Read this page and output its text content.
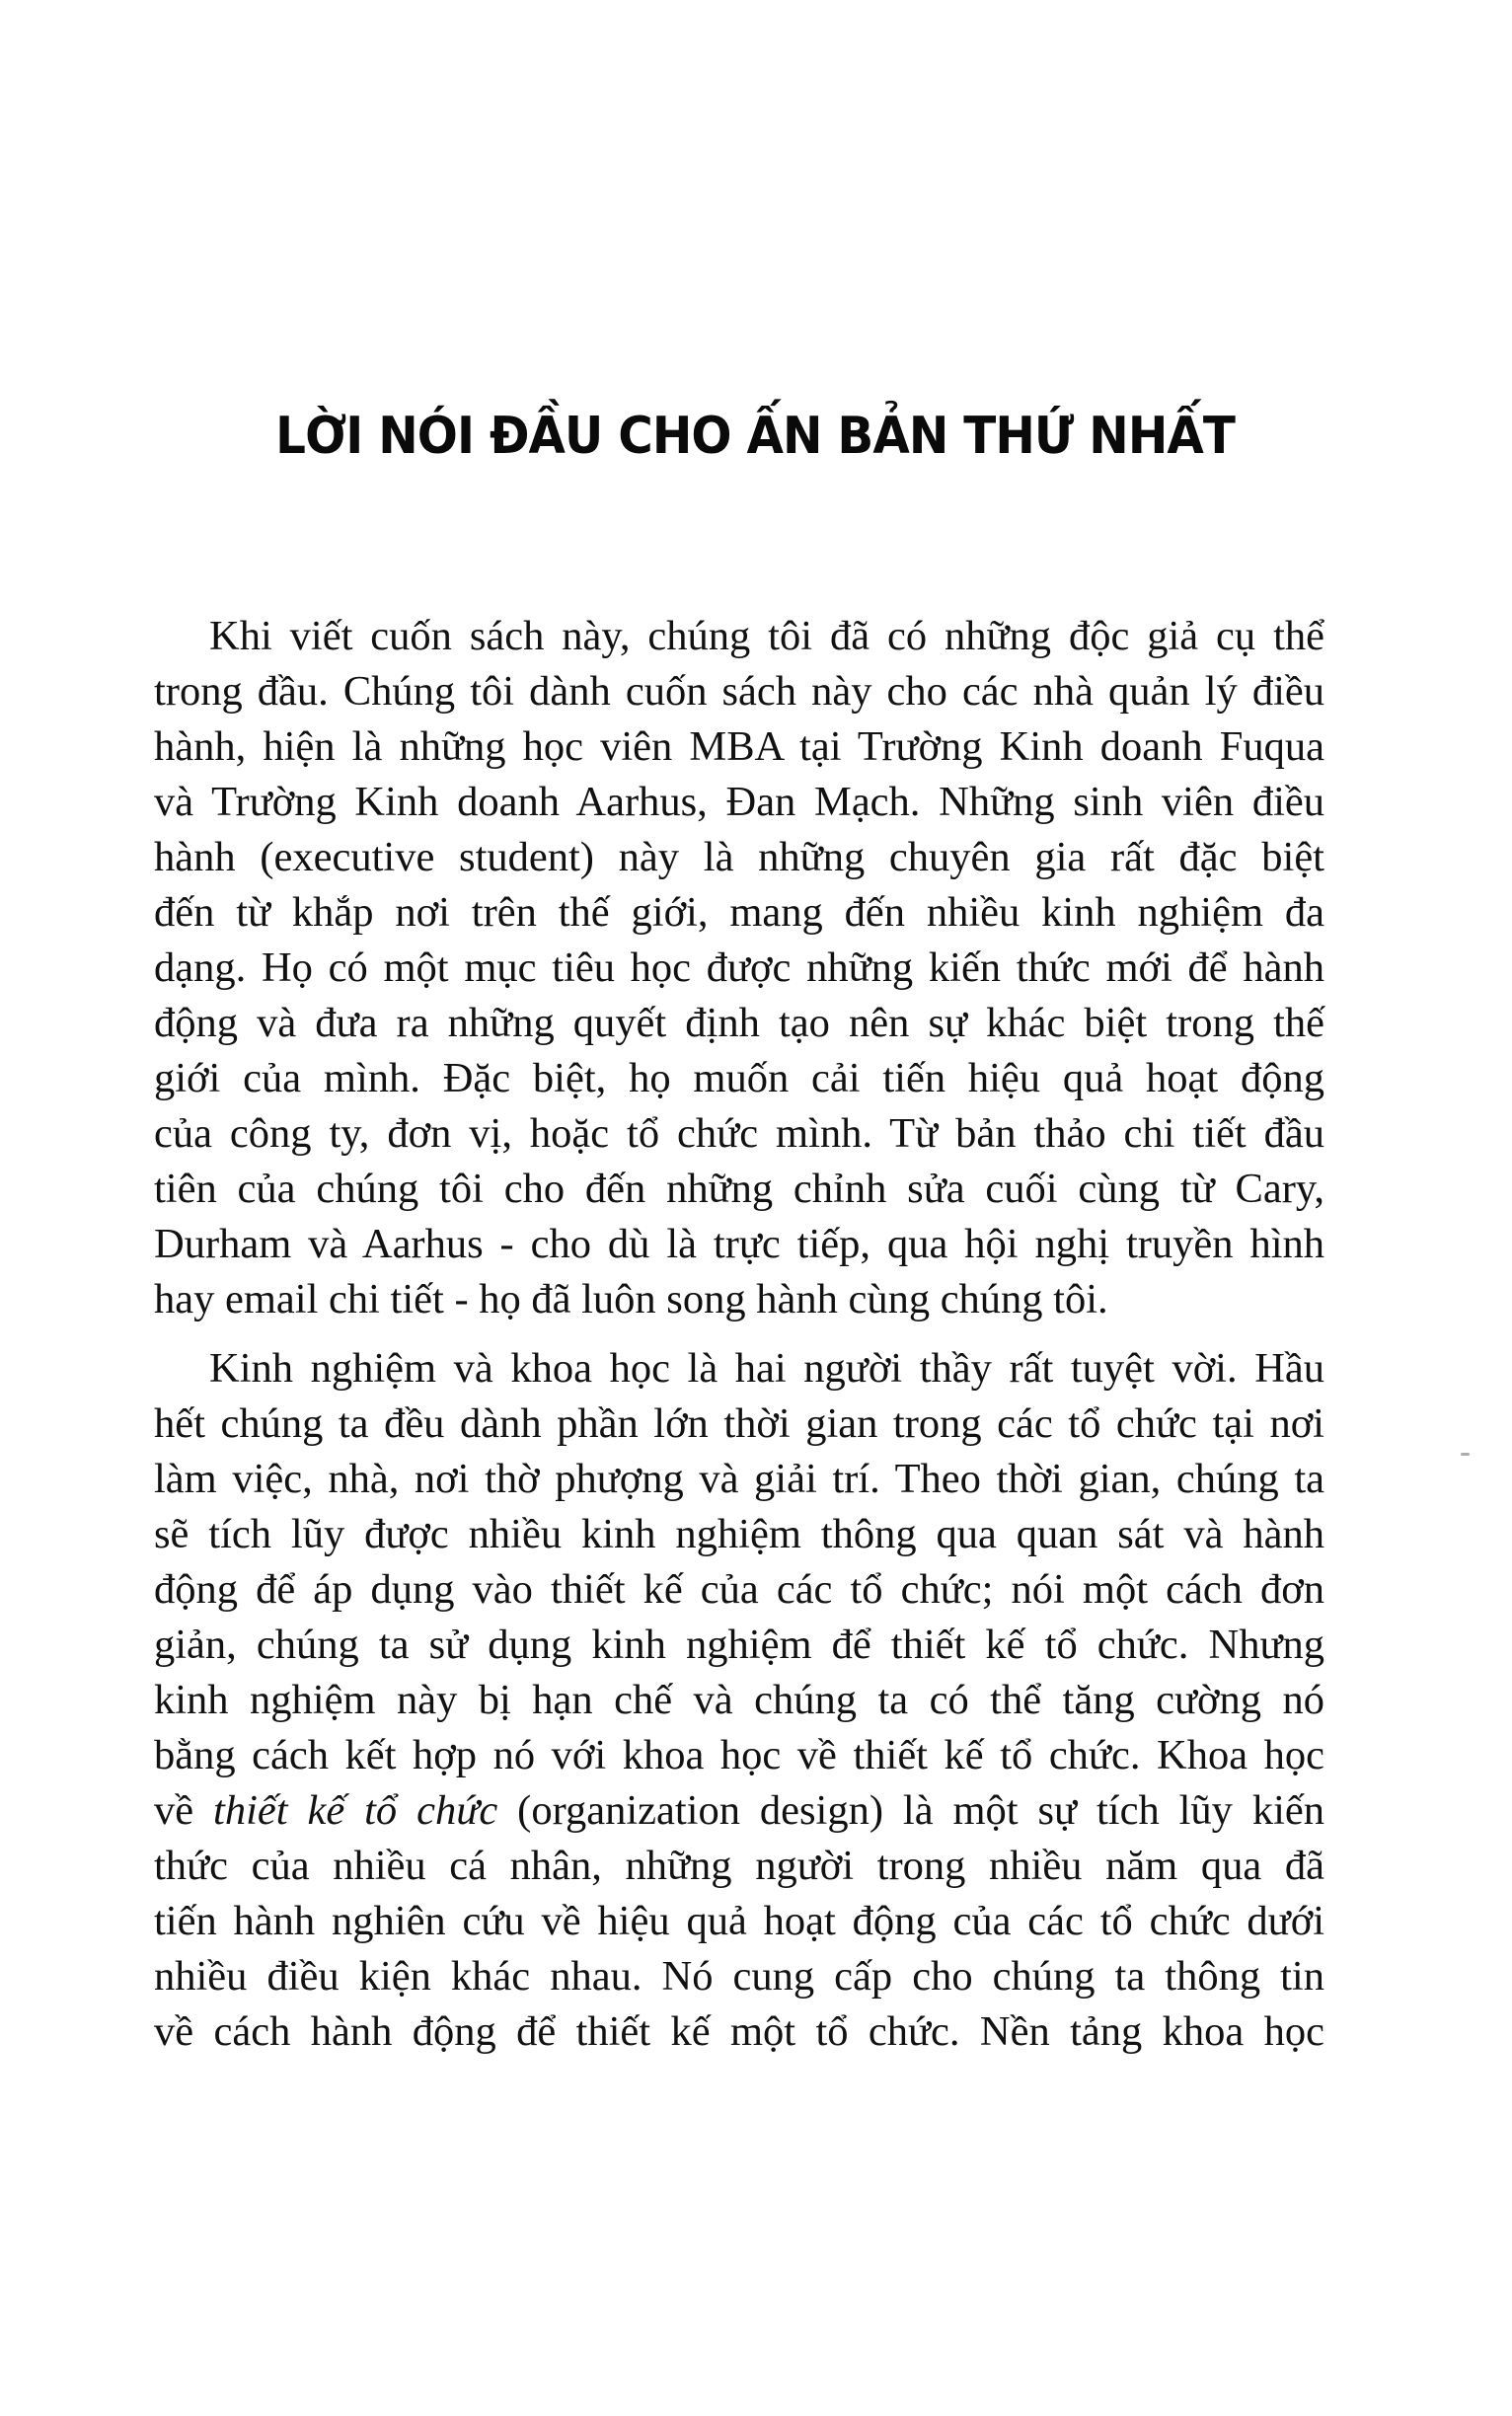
LỜI NÓI ĐẦU CHO ẤN BẢN THỨ NHẤT
Khi viết cuốn sách này, chúng tôi đã có những độc giả cụ thể
trong đầu. Chúng tôi dành cuốn sách này cho các nhà quản lý điều
hành, hiện là những học viên MBA tại Trường Kinh doanh Fuqua
và Trường Kinh doanh Aarhus, Đan Mạch. Những sinh viên điều
hành (executive student) này là những chuyên gia rất đặc biệt
đến từ khắp nơi trên thế giới, mang đến nhiều kinh nghiệm đa
dạng. Họ có một mục tiêu học được những kiến thức mới để hành
động và đưa ra những quyết định tạo nên sự khác biệt trong thế
giới của mình. Đặc biệt, họ muốn cải tiến hiệu quả hoạt động
của công ty, đơn vị, hoặc tổ chức mình. Từ bản thảo chi tiết đầu
tiên của chúng tôi cho đến những chỉnh sửa cuối cùng từ Cary,
Durham và Aarhus - cho dù là trực tiếp, qua hội nghị truyền hình
hay email chi tiết - họ đã luôn song hành cùng chúng tôi.
Kinh nghiệm và khoa học là hai người thầy rất tuyệt vời. Hầu
hết chúng ta đều dành phần lớn thời gian trong các tổ chức tại nơi
làm việc, nhà, nơi thờ phượng và giải trí. Theo thời gian, chúng ta
sẽ tích lũy được nhiều kinh nghiệm thông qua quan sát và hành
động để áp dụng vào thiết kế của các tổ chức; nói một cách đơn
giản, chúng ta sử dụng kinh nghiệm để thiết kế tổ chức. Nhưng
kinh nghiệm này bị hạn chế và chúng ta có thể tăng cường nó
bằng cách kết hợp nó với khoa học về thiết kế tổ chức. Khoa học
về thiết kế tổ chức (organization design) là một sự tích lũy kiến
thức của nhiều cá nhân, những người trong nhiều năm qua đã
tiến hành nghiên cứu về hiệu quả hoạt động của các tổ chức dưới
nhiều điều kiện khác nhau. Nó cung cấp cho chúng ta thông tin
về cách hành động để thiết kế một tổ chức. Nền tảng khoa học
